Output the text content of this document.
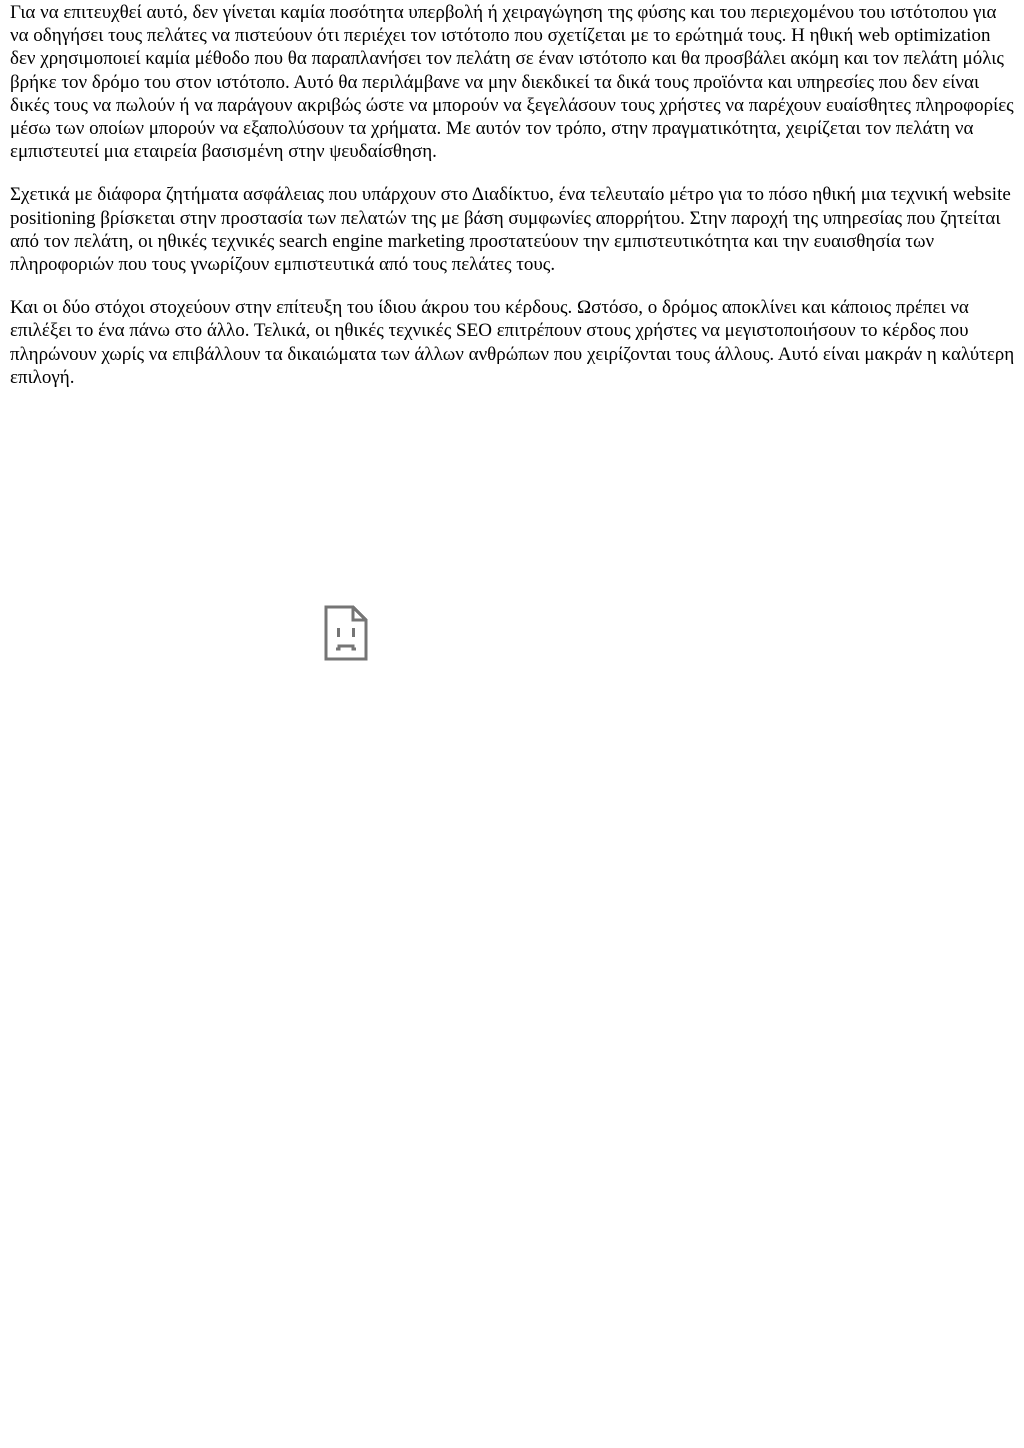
Για να επιτευχθεί αυτό, δεν γίνεται καμία ποσότητα υπερβολή ή χειραγώγηση της φύσης και του περιεχομένου του ιστότοπου για να οδηγήσει τους πελάτες να πιστεύουν ότι περιέχει τον ιστότοπο που σχετίζεται με το ερώτημά τους. Η ηθική web optimization δεν χρησιμοποιεί καμία μέθοδο που θα παραπλανήσει τον πελάτη σε έναν ιστότοπο και θα προσβάλει ακόμη και τον πελάτη μόλις βρήκε τον δρόμο του στον ιστότοπο. Αυτό θα περιλάμβανε να μην διεκδικεί τα δικά τους προϊόντα και υπηρεσίες που δεν είναι δικές τους να πωλούν ή να παράγουν ακριβώς ώστε να μπορούν να ξεγελάσουν τους χρήστες να παρέχουν ευαίσθητες πληροφορίες μέσω των οποίων μπορούν να εξαπολύσουν τα χρήματα. Με αυτόν τον τρόπο, στην πραγματικότητα, χειρίζεται τον πελάτη να εμπιστευτεί μια εταιρεία βασισμένη στην ψευδαίσθηση.

Σχετικά με διάφορα ζητήματα ασφάλειας που υπάρχουν στο Διαδίκτυο, ένα τελευταίο μέτρο για το πόσο ηθική μια τεχνική website positioning βρίσκεται στην προστασία των πελατών της με βάση συμφωνίες απορρήτου. Στην παροχή της υπηρεσίας που ζητείται από τον πελάτη, οι ηθικές τεχνικές search engine marketing προστατεύουν την εμπιστευτικότητα και την ευαισθησία των πληροφοριών που τους γνωρίζουν εμπιστευτικά από τους πελάτες τους.

Και οι δύο στόχοι στοχεύουν στην επίτευξη του ίδιου άκρου του κέρδους. Ωστόσο, ο δρόμος αποκλίνει και κάποιος πρέπει να επιλέξει το ένα πάνω στο άλλο. Τελικά, οι ηθικές τεχνικές SEO επιτρέπουν στους χρήστες να μεγιστοποιήσουν το κέρδος που πληρώνουν χωρίς να επιβάλλουν τα δικαιώματα των άλλων ανθρώπων που χειρίζονται τους άλλους. Αυτό είναι μακράν η καλύτερη επιλογή.
